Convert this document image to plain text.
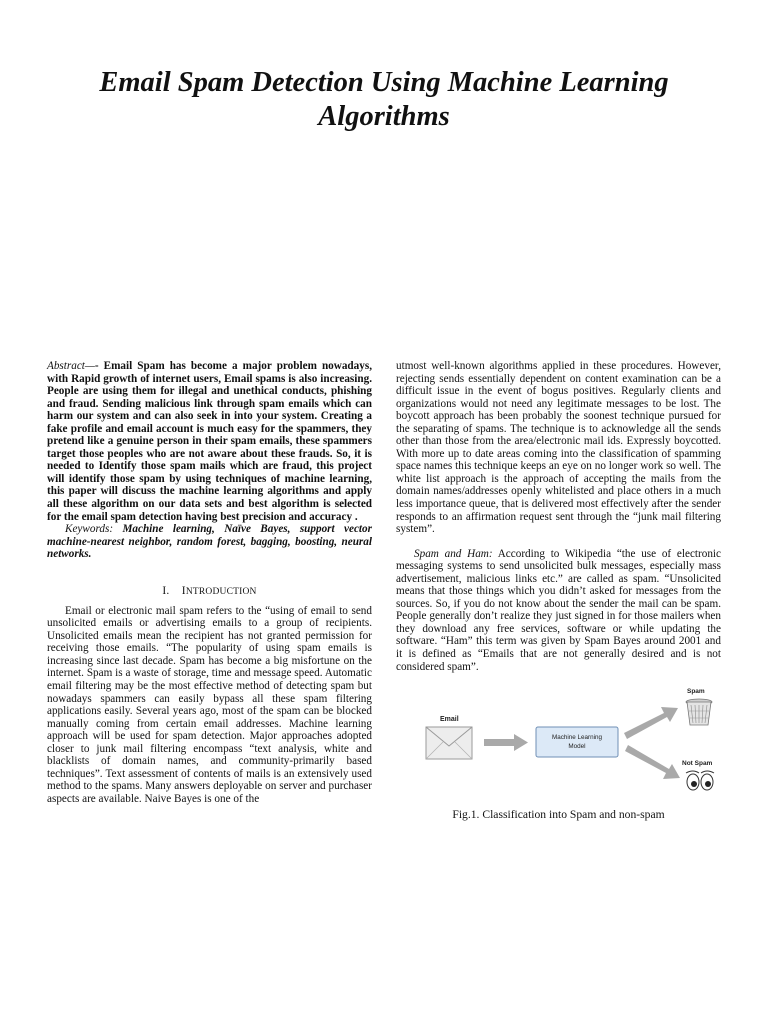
Email Spam Detection Using Machine Learning Algorithms

Abstract—- Email Spam has become a major problem nowadays, with Rapid growth of internet users, Email spams is also increasing. People are using them for illegal and unethical conducts, phishing and fraud. Sending malicious link through spam emails which can harm our system and can also seek in into your system. Creating a fake profile and email account is much easy for the spammers, they pretend like a genuine person in their spam emails, these spammers target those peoples who are not aware about these frauds. So, it is needed to Identify those spam mails which are fraud, this project will identify those spam by using techniques of machine learning, this paper will discuss the machine learning algorithms and apply all these algorithm on our data sets and best algorithm is selected for the email spam detection having best precision and accuracy .

Keywords: Machine learning, Naïve Bayes, support vector machine-nearest neighbor, random forest, bagging, boosting, neural networks.

I. INTRODUCTION

Email or electronic mail spam refers to the “using of email to send unsolicited emails or advertising emails to a group of recipients. Unsolicited emails mean the recipient has not granted permission for receiving those emails. “The popularity of using spam emails is increasing since last decade. Spam has become a big misfortune on the internet. Spam is a waste of storage, time and message speed. Automatic email filtering may be the most effective method of detecting spam but nowadays spammers can easily bypass all these spam filtering applications easily. Several years ago, most of the spam can be blocked manually coming from certain email addresses. Machine learning approach will be used for spam detection. Major approaches adopted closer to junk mail filtering encompass “text analysis, white and blacklists of domain names, and community-primarily based techniques”. Text assessment of contents of mails is an extensively used method to the spams. Many answers deployable on server and purchaser aspects are available. Naive Bayes is one of the

utmost well-known algorithms applied in these procedures. However, rejecting sends essentially dependent on content examination can be a difficult issue in the event of bogus positives. Regularly clients and organizations would not need any legitimate messages to be lost. The boycott approach has been probably the soonest technique pursued for the separating of spams. The technique is to acknowledge all the sends other than those from the area/electronic mail ids. Expressly boycotted. With more up to date areas coming into the classification of spamming space names this technique keeps an eye on no longer work so well. The white list approach is the approach of accepting the mails from the domain names/addresses openly whitelisted and place others in a much less importance queue, that is delivered most effectively after the sender responds to an affirmation request sent through the “junk mail filtering system”.

Spam and Ham: According to Wikipedia “the use of electronic messaging systems to send unsolicited bulk messages, especially mass advertisement, malicious links etc.” are called as spam. “Unsolicited means that those things which you didn’t asked for messages from the sources. So, if you do not know about the sender the mail can be spam. People generally don’t realize they just signed in for those mailers when they download any free services, software or while updating the software. “Ham” this term was given by Spam Bayes around 2001 and it is defined as “Emails that are not generally desired and is not considered spam”.

Email
Machine Learning
Model
Spam
Not Spam
Fig.1. Classification into Spam and non-spam
